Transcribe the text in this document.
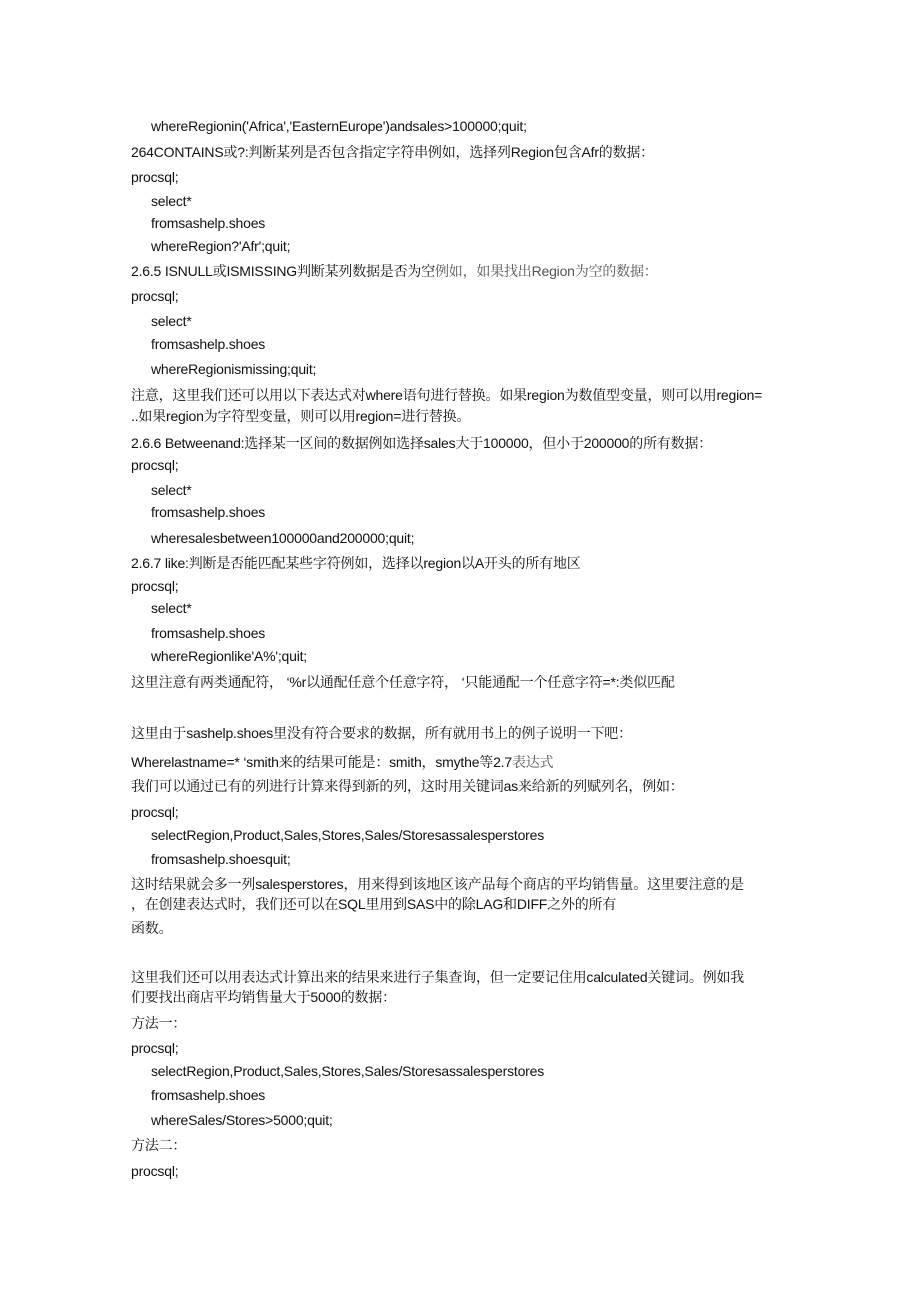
whereRegionin('Africa','EasternEurope')andsales>100000;quit;
264CONTAINS或?:判断某列是否包含指定字符串例如，选择列Region包含Afr的数据：
procsql;
select*
fromsashelp.shoes
whereRegion?'Afr';quit;
2.6.5 ISNULL或ISMISSING判断某列数据是否为空例如，如果找出Region为空的数据：
procsql;
select*
fromsashelp.shoes
whereRegionismissing;quit;
注意，这里我们还可以用以下表达式对where语句进行替换。如果region为数值型变量，则可以用region=
..如果region为字符型变量，则可以用region=进行替换。
2.6.6 Betweenand:选择某一区间的数据例如选择sales大于100000，但小于200000的所有数据：
procsql;
select*
fromsashelp.shoes
wheresalesbetween100000and200000;quit;
2.6.7 like:判断是否能匹配某些字符例如，选择以region以A开头的所有地区
procsql;
select*
fromsashelp.shoes
whereRegionlike'A%';quit;
这里注意有两类通配符， ‘%r以通配任意个任意字符， ‘只能通配一个任意字符=*:类似匹配
这里由于sashelp.shoes里没有符合要求的数据，所有就用书上的例子说明一下吧：
Wherelastname=* ‘smith来的结果可能是：smith，smythe等2.7表达式
我们可以通过已有的列进行计算来得到新的列，这时用关键词as来给新的列赋列名，例如：
procsql;
selectRegion,Product,Sales,Stores,Sales/Storesassalesperstores
fromsashelp.shoesquit;
这时结果就会多一列salesperstores，用来得到该地区该产品每个商店的平均销售量。这里要注意的是
，在创建表达式时，我们还可以在SQL里用到SAS中的除LAG和DIFF之外的所有
函数。
这里我们还可以用表达式计算出来的结果来进行子集查询，但一定要记住用calculated关键词。例如我
们要找出商店平均销售量大于5000的数据：
方法一：
procsql;
selectRegion,Product,Sales,Stores,Sales/Storesassalesperstores
fromsashelp.shoes
whereSales/Stores>5000;quit;
方法二：
procsql;
